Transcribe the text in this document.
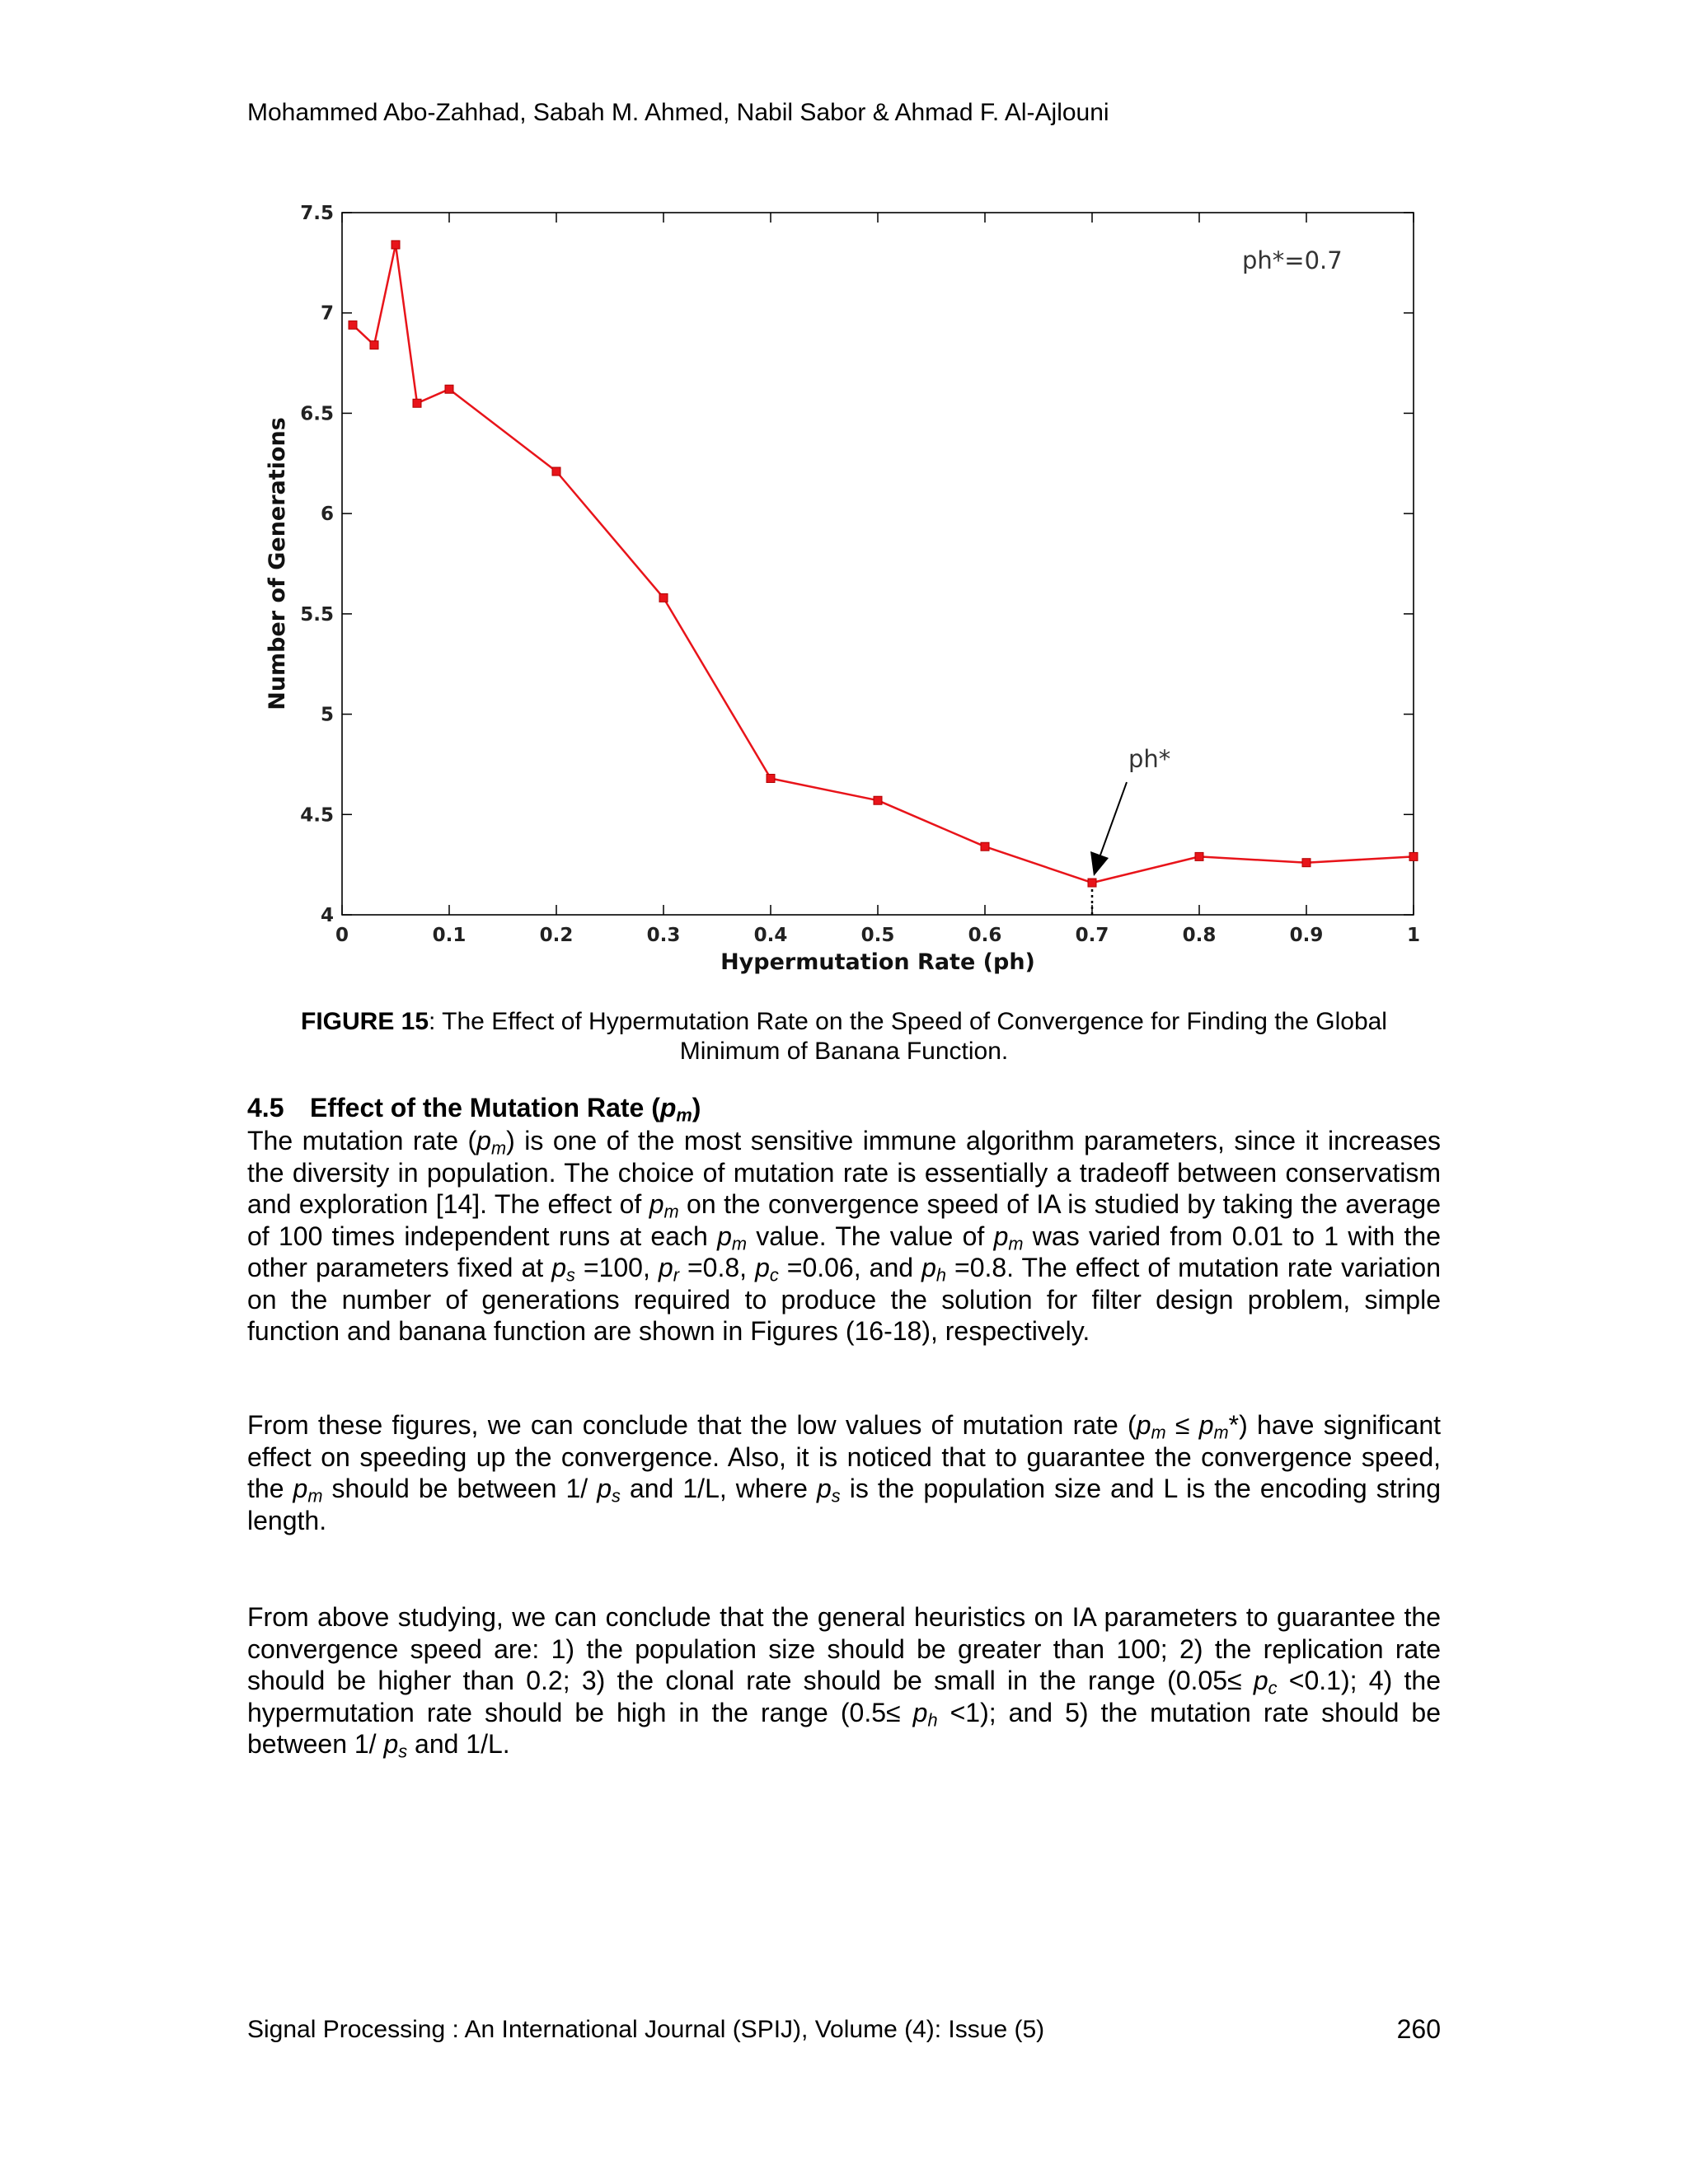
Mohammed Abo-Zahhad, Sabah M. Ahmed, Nabil Sabor & Ahmad F. Al-Ajlouni
0	0.1	0.2	0.3	0.4	0.5	0.6	0.7	0.8	0.9	1
4
4.5
5
5.5
6
6.5
7
7.5
Hypermutation Rate (ph)
Number of Generations
ph*=0.7
ph*
FIGURE 15: The Effect of Hypermutation Rate on the Speed of Convergence for Finding the Global
Minimum of Banana Function.
4.5 Effect of the Mutation Rate $(p_m)$
The mutation rate $(p_m)$ is one of the most sensitive immune algorithm parameters, since it increases the diversity in population. The choice of mutation rate is essentially a tradeoff between conservatism and exploration [14]. The effect of $p_m$ on the convergence speed of IA is studied by taking the average of 100 times independent runs at each $p_m$ value. The value of $p_m$ was varied from 0.01 to 1 with the other parameters fixed at $p_s =100$, $p_r =0.8$, $p_c =0.06$, and $p_h =0.8$. The effect of mutation rate variation on the number of generations required to produce the solution for filter design problem, simple function and banana function are shown in Figures (16-18), respectively.
From these figures, we can conclude that the low values of mutation rate $(p_m \le p_m*)$ have significant effect on speeding up the convergence. Also, it is noticed that to guarantee the convergence speed, the $p_m$ should be between 1/ $p_s$ and 1/L, where $p_s$ is the population size and L is the encoding string length.
From above studying, we can conclude that the general heuristics on IA parameters to guarantee the convergence speed are: 1) the population size should be greater than 100; 2) the replication rate should be higher than 0.2; 3) the clonal rate should be small in the range $(0.05\le p_c <0.1)$; 4) the hypermutation rate should be high in the range $(0.5\le p_h <1)$; and 5) the mutation rate should be between 1/ $p_s$ and 1/L.
Signal Processing : An International Journal (SPIJ), Volume (4): Issue (5)	260
